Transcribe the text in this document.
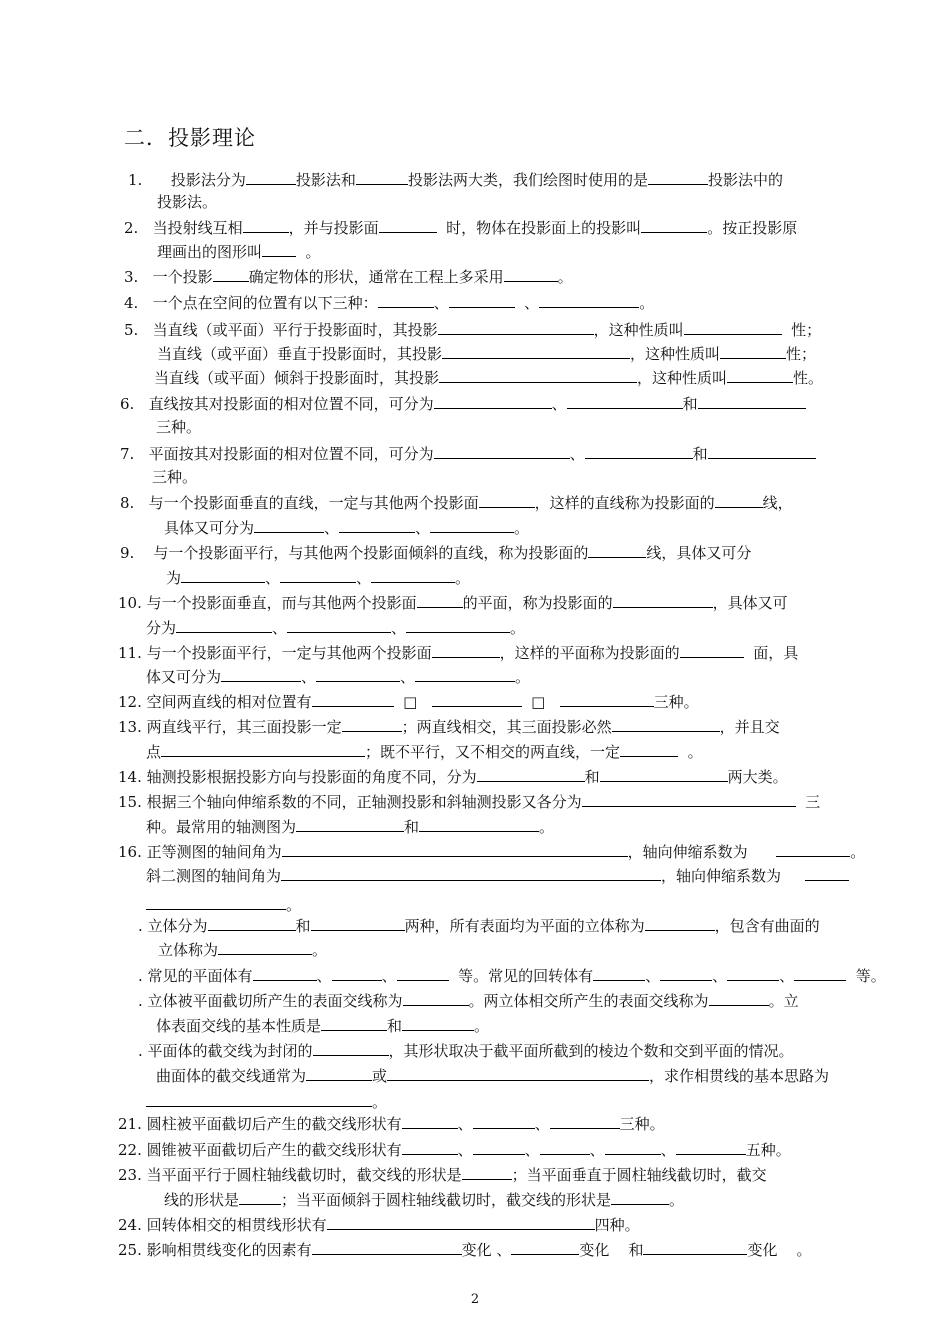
二．投影理论
1.      投影法分为	投影法和	投影法两大类，我们绘图时使用的是	投影法中的
投影法。
2.   当投射线互相	，并与投影面	时，物体在投影面上的投影叫	。按正投影原
理画出的图形叫  。
3.   一个投影 确定物体的形状，通常在工程上多采用	。
4.   一个点在空间的位置有以下三种：	、	、	。
5.   当直线（或平面）平行于投影面时，其投影	，这种性质叫	性；
当直线（或平面）垂直于投影面时，其投影	，这种性质叫	性；
当直线（或平面）倾斜于投影面时，其投影	，这种性质叫	性。
6.   直线按其对投影面的相对位置不同，可分为	、	和
三种。
7.   平面按其对投影面的相对位置不同，可分为	、	和
三种。
8.   与一个投影面垂直的直线，一定与其他两个投影面	，这样的直线称为投影面的	线，
具体又可分为	、	、	。
9.    与一个投影面平行，与其他两个投影面倾斜的直线，称为投影面的	线，具体又可分
为	、	、	。
10. 与一个投影面垂直，而与其他两个投影面	的平面，称为投影面的	，具体又可
分为	、	、	。
11. 与一个投影面平行，一定与其他两个投影面	，这样的平面称为投影面的	面，具
体又可分为	、	、	。
12. 空间两直线的相对位置有	□	□	三种。
13. 两直线平行，其三面投影一定	；两直线相交，其三面投影必然	，并且交
点	；既不平行，又不相交的两直线，一定	。
14. 轴测投影根据投影方向与投影面的角度不同，分为	和	两大类。
15. 根据三个轴向伸缩系数的不同，正轴测投影和斜轴测投影又各分为	三
种。最常用的轴测图为	和	。
16. 正等测图的轴间角为	，轴向伸缩系数为	。
斜二测图的轴间角为	，轴向伸缩系数为
。
. 立体分为	和	两种，所有表面均为平面的立体称为	，包含有曲面的
立体称为	。
. 常见的平面体有	、	、	等。常见的回转体有	、	、	、	等。
. 立体被平面截切所产生的表面交线称为	。两立体相交所产生的表面交线称为	。立
体表面交线的基本性质是	和	。
. 平面体的截交线为封闭的	，其形状取决于截平面所截到的棱边个数和交到平面的情况。
曲面体的截交线通常为	或	，求作相贯线的基本思路为
。
21. 圆柱被平面截切后产生的截交线形状有	、	、	三种。
22. 圆锥被平面截切后产生的截交线形状有	、	、	、	、	五种。
23. 当平面平行于圆柱轴线截切时，截交线的形状是	；当平面垂直于圆柱轴线截切时，截交
线的形状是	；当平面倾斜于圆柱轴线截切时，截交线的形状是	。
24. 回转体相交的相贯线形状有	四种。
25. 影响相贯线变化的因素有	变化 、	变化    和	变化    。
2
